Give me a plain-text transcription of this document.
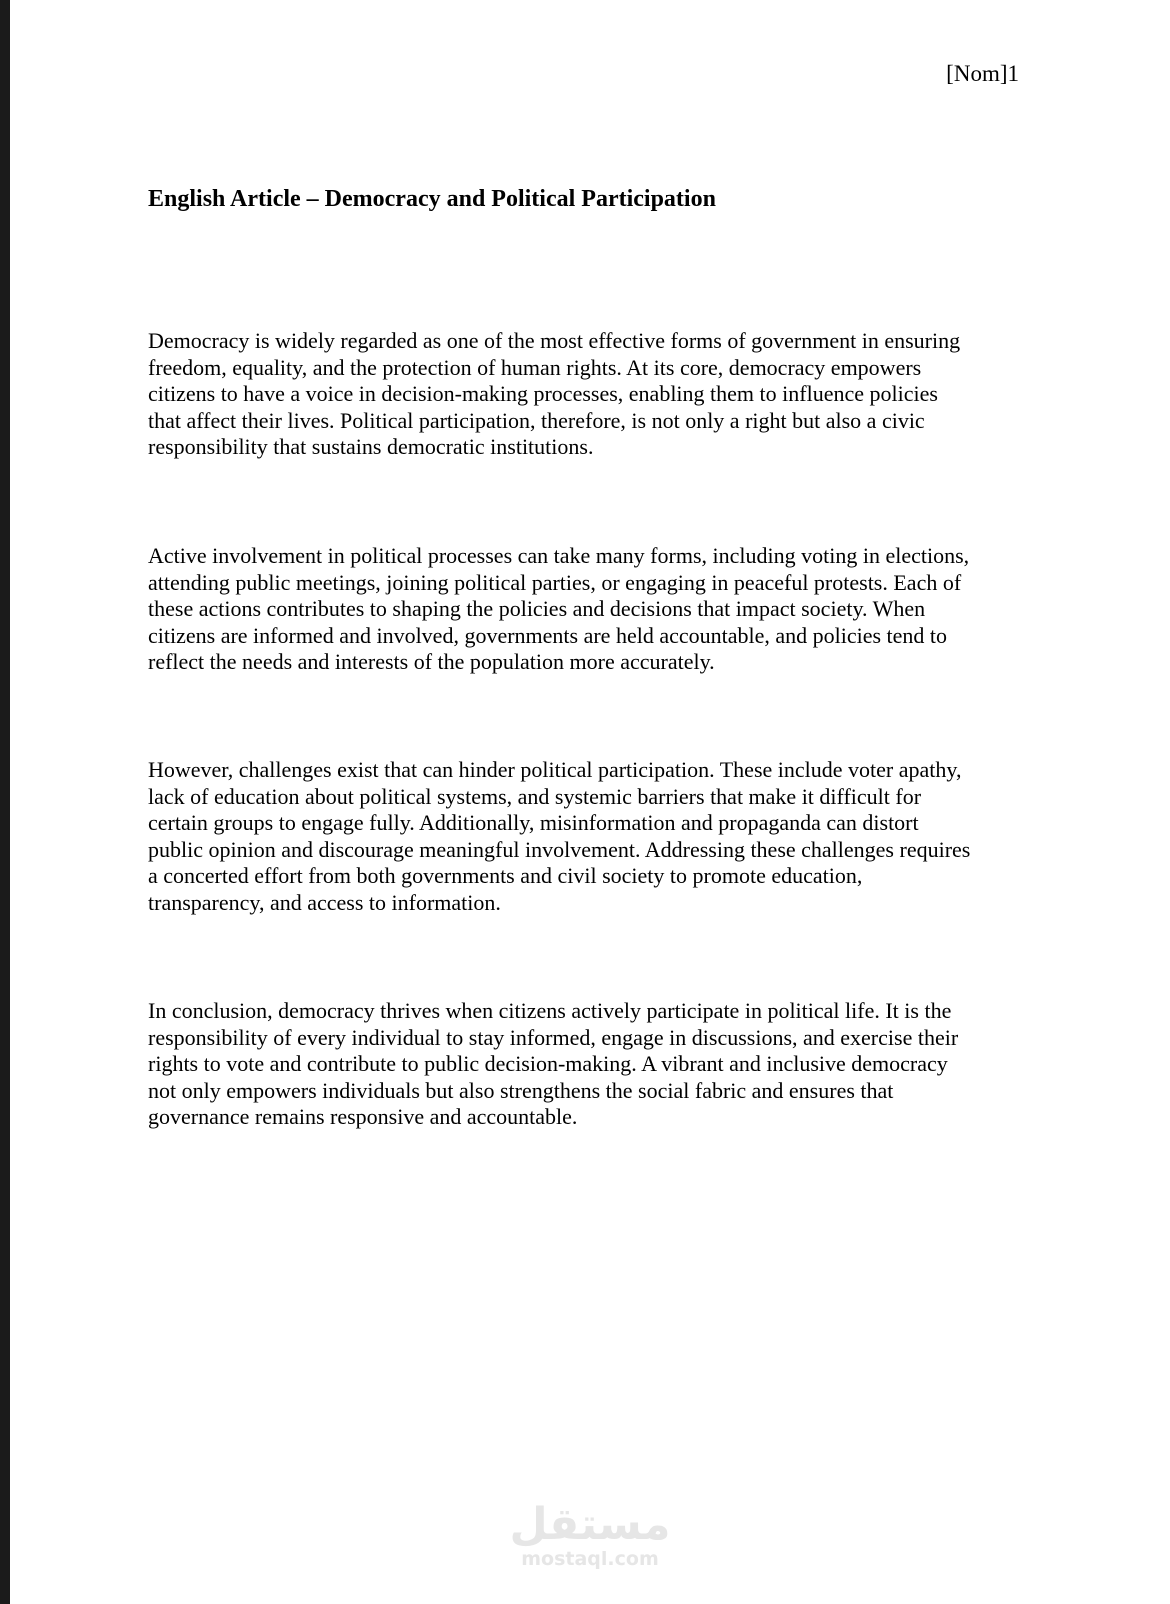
[Nom]1
English Article – Democracy and Political Participation
Democracy is widely regarded as one of the most effective forms of government in ensuring
freedom, equality, and the protection of human rights. At its core, democracy empowers
citizens to have a voice in decision-making processes, enabling them to influence policies
that affect their lives. Political participation, therefore, is not only a right but also a civic
responsibility that sustains democratic institutions.
Active involvement in political processes can take many forms, including voting in elections,
attending public meetings, joining political parties, or engaging in peaceful protests. Each of
these actions contributes to shaping the policies and decisions that impact society. When
citizens are informed and involved, governments are held accountable, and policies tend to
reflect the needs and interests of the population more accurately.
However, challenges exist that can hinder political participation. These include voter apathy,
lack of education about political systems, and systemic barriers that make it difficult for
certain groups to engage fully. Additionally, misinformation and propaganda can distort
public opinion and discourage meaningful involvement. Addressing these challenges requires
a concerted effort from both governments and civil society to promote education,
transparency, and access to information.
In conclusion, democracy thrives when citizens actively participate in political life. It is the
responsibility of every individual to stay informed, engage in discussions, and exercise their
rights to vote and contribute to public decision-making. A vibrant and inclusive democracy
not only empowers individuals but also strengthens the social fabric and ensures that
governance remains responsive and accountable.
مستقل
mostaql.com
